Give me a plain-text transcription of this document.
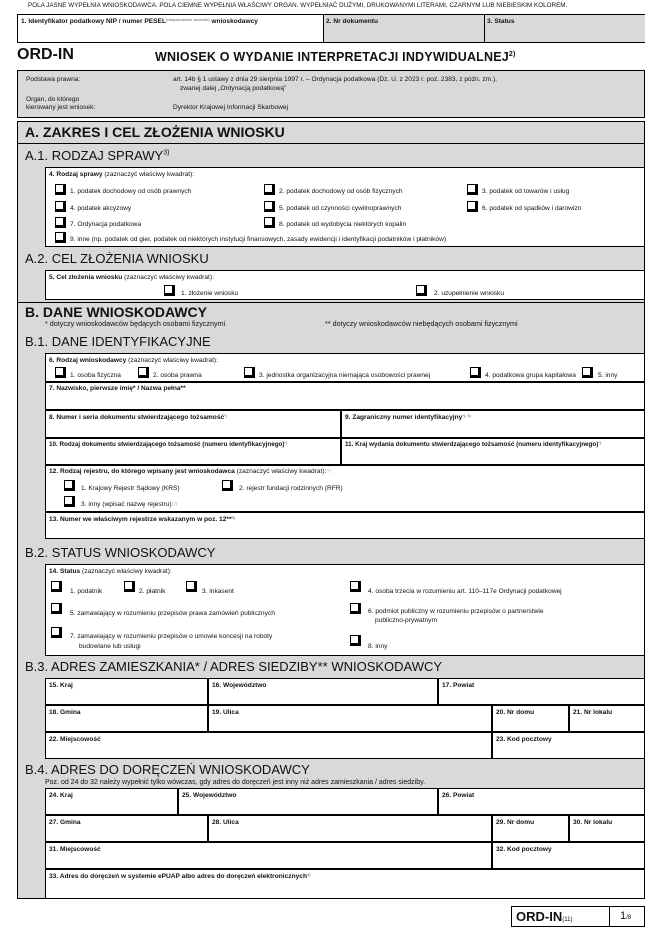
POLA JASNE WYPEŁNIA WNIOSKODAWCA. POLA CIEMNE WYPEŁNIA WŁAŚCIWY ORGAN. WYPEŁNIAĆ DUŻYMI, DRUKOWANYMI LITERAMI, CZARNYM LUB NIEBIESKIM KOLOREM.
1. Identyfikator podatkowy NIP / numer $PESEL^{(niepotrzebne skreślić)}$ wnioskodawcy	2. Nr dokumentu	3. Status
ORD-IN	WNIOSEK O WYDANIE INTERPRETACJI INDYWIDUALNEJ$^{2)}$
Podstawa prawna:	art. 14b § 1 ustawy z dnia 29 sierpnia 1997 r. – Ordynacja podatkowa (Dz. U. z 2023 r. poz. 2383, z późn. zm.),
zwanej dalej „Ordynacją podatkową”
Organ, do którego
kierowany jest wniosek:	Dyrektor Krajowej Informacji Skarbowej
A. ZAKRES I CEL ZŁOŻENIA WNIOSKU
A.1. RODZAJ SPRAWY$^{3)}$
4. Rodzaj sprawy (zaznaczyć właściwy kwadrat):
1. podatek dochodowy od osób prawnych	2. podatek dochodowy od osób fizycznych	3. podatek od towarów i usług
4. podatek akcyzowy	5. podatek od czynności cywilnoprawnych	6. podatek od spadków i darowizn
7. Ordynacja podatkowa	8. podatek od wydobycia niektórych kopalin
9. inne (np. podatek od gier, podatek od niektórych instytucji finansowych, zasady ewidencji i identyfikacji podatników i płatników)
A.2. CEL ZŁOŻENIA WNIOSKU
5. Cel złożenia wniosku (zaznaczyć właściwy kwadrat):
1. złożenie wniosku	2. uzupełnienie wniosku
B. DANE WNIOSKODAWCY
* dotyczy wnioskodawców będących osobami fizycznymi	** dotyczy wnioskodawców niebędących osobami fizycznymi
B.1. DANE IDENTYFIKACYJNE
6. Rodzaj wnioskodawcy (zaznaczyć właściwy kwadrat):
1. osoba fizyczna	2. osoba prawna	3. jednostka organizacyjna niemająca osobowości prawnej	4. podatkowa grupa kapitałowa	5. inny
7. Nazwisko, pierwsze imię* / Nazwa pełna**
8. Numer i seria dokumentu stwierdzającego tożsamość*)	9. Zagraniczny numer identyfikacyjny$^{*), 6)}$
10. Rodzaj dokumentu stwierdzającego tożsamość (numeru identyfikacyjnego)*)	11. Kraj wydania dokumentu stwierdzającego tożsamość (numeru identyfikacyjnego)*)
12. Rodzaj rejestru, do którego wpisany jest wnioskodawca (zaznaczyć właściwy kwadrat):**)
1. Krajowy Rejestr Sądowy (KRS)	2. rejestr fundacji rodzinnych (RFR)
3. inny (wpisać nazwę rejestru):$^{7)}$
13. Numer we właściwym rejestrze wskazanym w poz. 12**$^{8)}$
B.2. STATUS WNIOSKODAWCY
14. Status (zaznaczyć właściwy kwadrat):
1. podatnik	2. płatnik	3. inkasent	4. osoba trzecia w rozumieniu art. 110–117e Ordynacji podatkowej
5. zamawiający w rozumieniu przepisów prawa zamówień publicznych	6. podmiot publiczny w rozumieniu przepisów o partnerstwie
publiczno-prywatnym
7. zamawiający w rozumieniu przepisów o umowie koncesji na roboty
budowlane lub usługi	8. inny
B.3. ADRES ZAMIESZKANIA* / ADRES SIEDZIBY** WNIOSKODAWCY
15. Kraj	16. Województwo	17. Powiat
18. Gmina	19. Ulica	20. Nr domu	21. Nr lokalu
22. Miejscowość	23. Kod pocztowy
B.4. ADRES DO DORĘCZEŃ WNIOSKODAWCY
Poz. od 24 do 32 należy wypełnić tylko wówczas, gdy adres do doręczeń jest inny niż adres zamieszkania / adres siedziby.
24. Kraj	25. Województwo	26. Powiat
27. Gmina	28. Ulica	29. Nr domu	30. Nr lokalu
31. Miejscowość	32. Kod pocztowy
33. Adres do doręczeń w systemie ePUAP albo adres do doręczeń elektronicznych$^{9)}$
ORD-IN(11)	1/8
